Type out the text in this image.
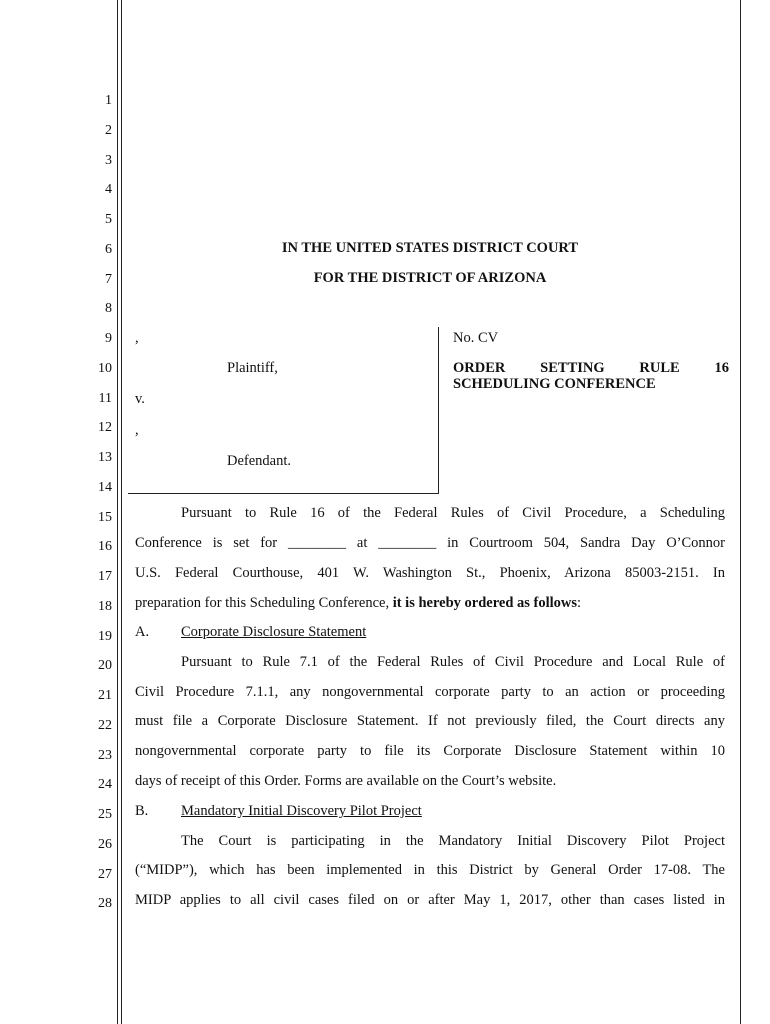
1
2
3
4
5
6
7
8
9
10
11
12
13
14
15
16
17
18
19
20
21
22
23
24
25
26
27
28
IN THE UNITED STATES DISTRICT COURT
FOR THE DISTRICT OF ARIZONA
,
Plaintiff,
v.
,
Defendant.
No. CV
ORDER SETTING RULE 16
SCHEDULING CONFERENCE
Pursuant to Rule 16 of the Federal Rules of Civil Procedure, a Scheduling
Conference is set for ________ at ________ in Courtroom 504, Sandra Day O’Connor
U.S. Federal Courthouse, 401 W. Washington St., Phoenix, Arizona 85003-2151. In
preparation for this Scheduling Conference, it is hereby ordered as follows:
A. Corporate Disclosure Statement
Pursuant to Rule 7.1 of the Federal Rules of Civil Procedure and Local Rule of
Civil Procedure 7.1.1, any nongovernmental corporate party to an action or proceeding
must file a Corporate Disclosure Statement. If not previously filed, the Court directs any
nongovernmental corporate party to file its Corporate Disclosure Statement within 10
days of receipt of this Order. Forms are available on the Court’s website.
B. Mandatory Initial Discovery Pilot Project
The Court is participating in the Mandatory Initial Discovery Pilot Project
(“MIDP”), which has been implemented in this District by General Order 17-08. The
MIDP applies to all civil cases filed on or after May 1, 2017, other than cases listed in
